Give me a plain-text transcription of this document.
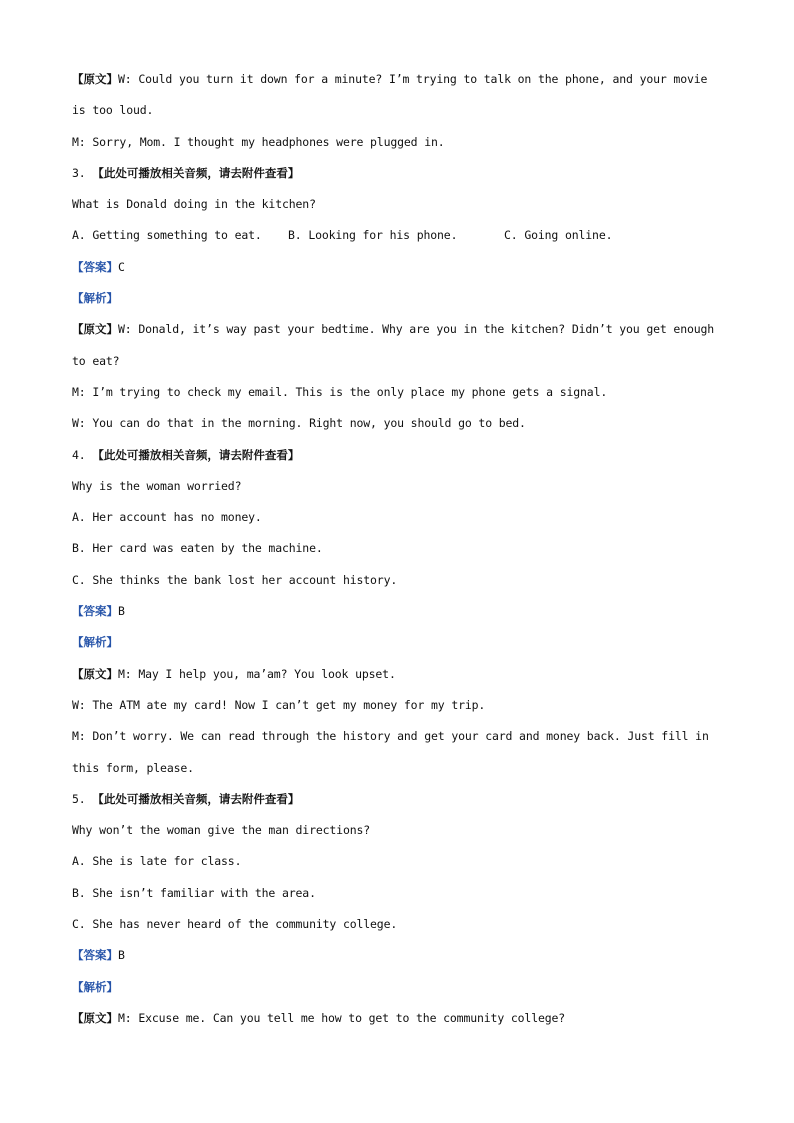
【原文】W: Could you turn it down for a minute? I’m trying to talk on the phone, and your movie
is too loud.
M: Sorry, Mom. I thought my headphones were plugged in.
3. 【此处可播放相关音频，请去附件查看】
What is Donald doing in the kitchen?
A. Getting something to eat. B. Looking for his phone.	C. Going online.
【答案】C
【解析】
【原文】W: Donald, it’s way past your bedtime. Why are you in the kitchen? Didn’t you get enough
to eat?
M: I’m trying to check my email. This is the only place my phone gets a signal.
W: You can do that in the morning. Right now, you should go to bed.
4. 【此处可播放相关音频，请去附件查看】
Why is the woman worried?
A. Her account has no money.
B. Her card was eaten by the machine.
C. She thinks the bank lost her account history.
【答案】B
【解析】
【原文】M: May I help you, ma’am? You look upset.
W: The ATM ate my card! Now I can’t get my money for my trip.
M: Don’t worry. We can read through the history and get your card and money back. Just fill in
this form, please.
5. 【此处可播放相关音频，请去附件查看】
Why won’t the woman give the man directions?
A. She is late for class.
B. She isn’t familiar with the area.
C. She has never heard of the community college.
【答案】B
【解析】
【原文】M: Excuse me. Can you tell me how to get to the community college?
